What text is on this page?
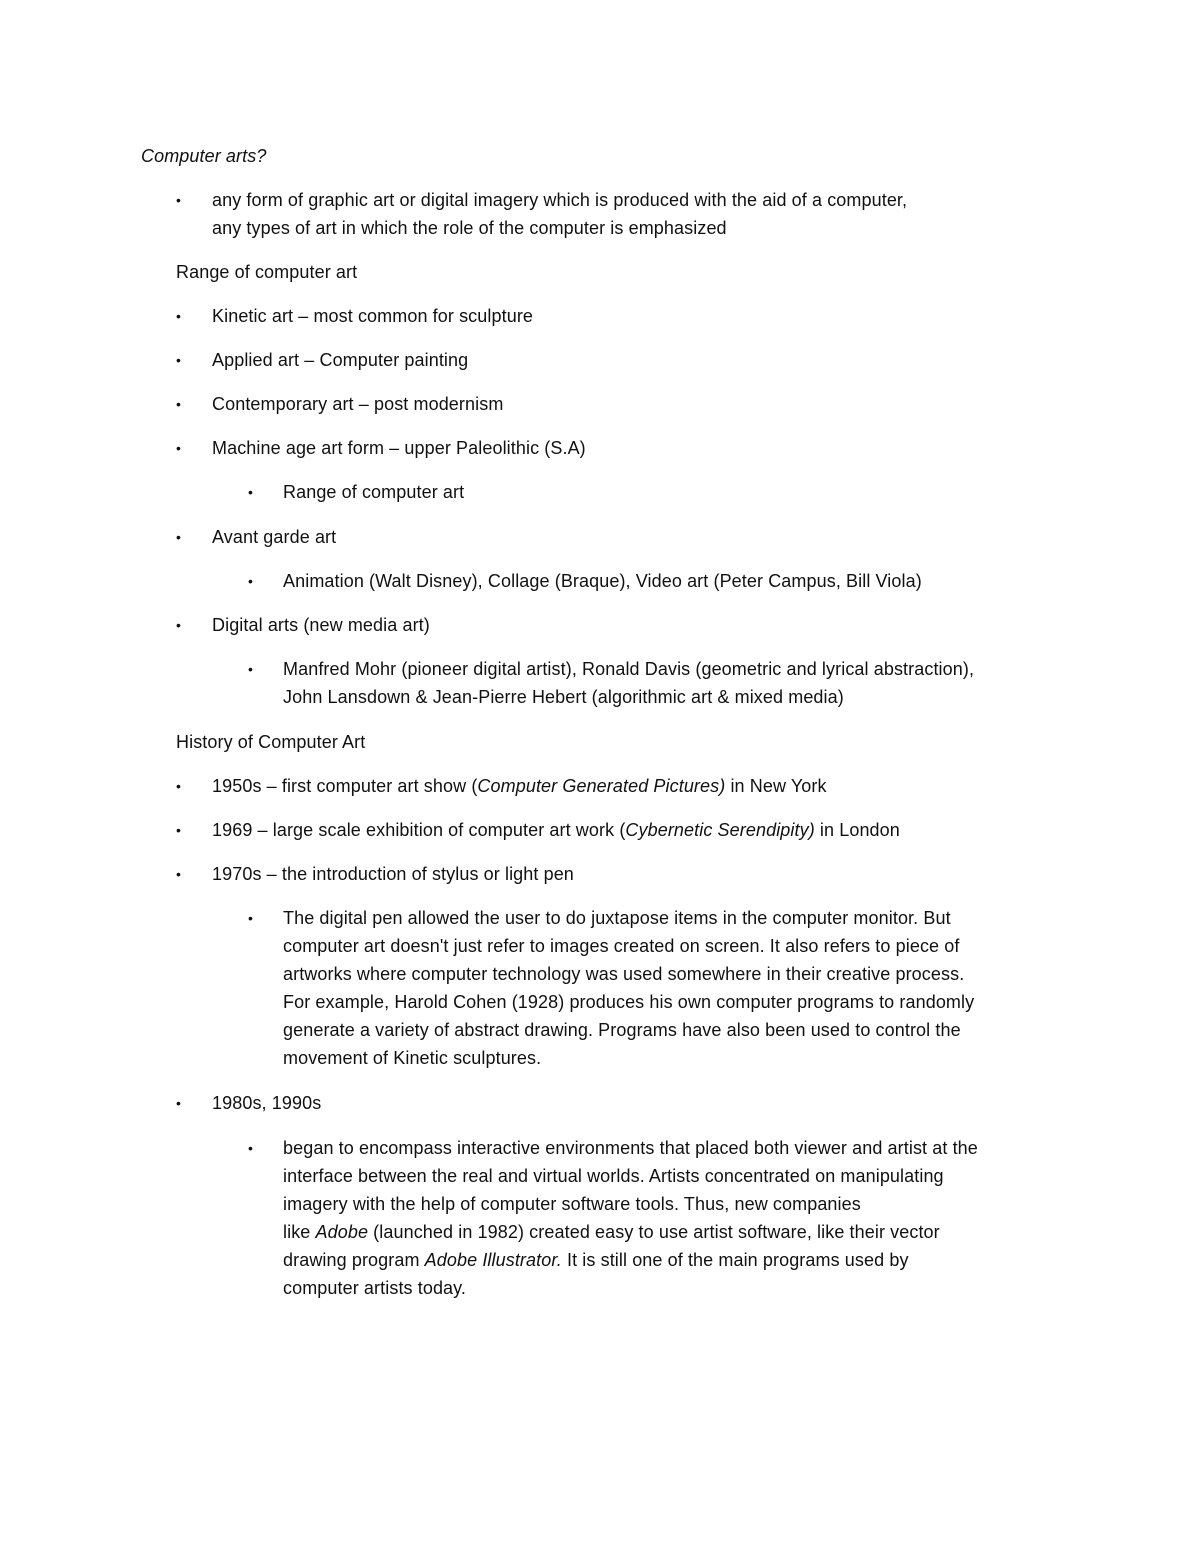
Computer arts?
• any form of graphic art or digital imagery which is produced with the aid of a computer,
any types of art in which the role of the computer is emphasized
Range of computer art
• Kinetic art – most common for sculpture
• Applied art – Computer painting
• Contemporary art – post modernism
• Machine age art form – upper Paleolithic (S.A)
• Range of computer art
• Avant garde art
• Animation (Walt Disney), Collage (Braque), Video art (Peter Campus, Bill Viola)
• Digital arts (new media art)
• Manfred Mohr (pioneer digital artist), Ronald Davis (geometric and lyrical abstraction),
John Lansdown & Jean-Pierre Hebert (algorithmic art & mixed media)
History of Computer Art
• 1950s – first computer art show (Computer Generated Pictures) in New York
• 1969 – large scale exhibition of computer art work (Cybernetic Serendipity) in London
• 1970s – the introduction of stylus or light pen
• The digital pen allowed the user to do juxtapose items in the computer monitor. But
computer art doesn't just refer to images created on screen. It also refers to piece of
artworks where computer technology was used somewhere in their creative process.
For example, Harold Cohen (1928) produces his own computer programs to randomly
generate a variety of abstract drawing. Programs have also been used to control the
movement of Kinetic sculptures.
• 1980s, 1990s
• began to encompass interactive environments that placed both viewer and artist at the
interface between the real and virtual worlds. Artists concentrated on manipulating
imagery with the help of computer software tools. Thus, new companies
like Adobe (launched in 1982) created easy to use artist software, like their vector
drawing program Adobe Illustrator. It is still one of the main programs used by
computer artists today.
